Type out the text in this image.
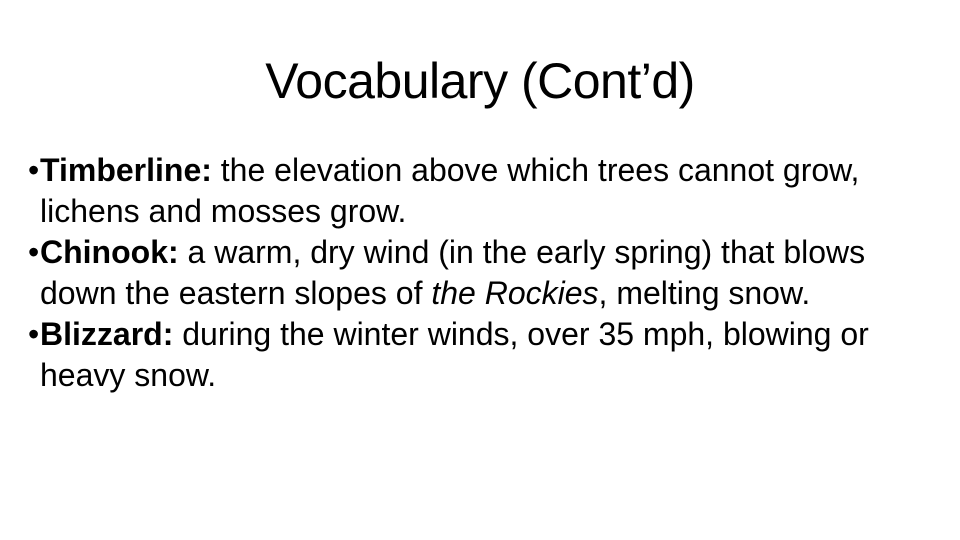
Vocabulary (Cont’d)

• Timberline: the elevation above which trees cannot grow, lichens and mosses grow.

• Chinook: a warm, dry wind (in the early spring) that blows down the eastern slopes of the Rockies, melting snow.

• Blizzard: during the winter winds, over 35 mph, blowing or heavy snow.
